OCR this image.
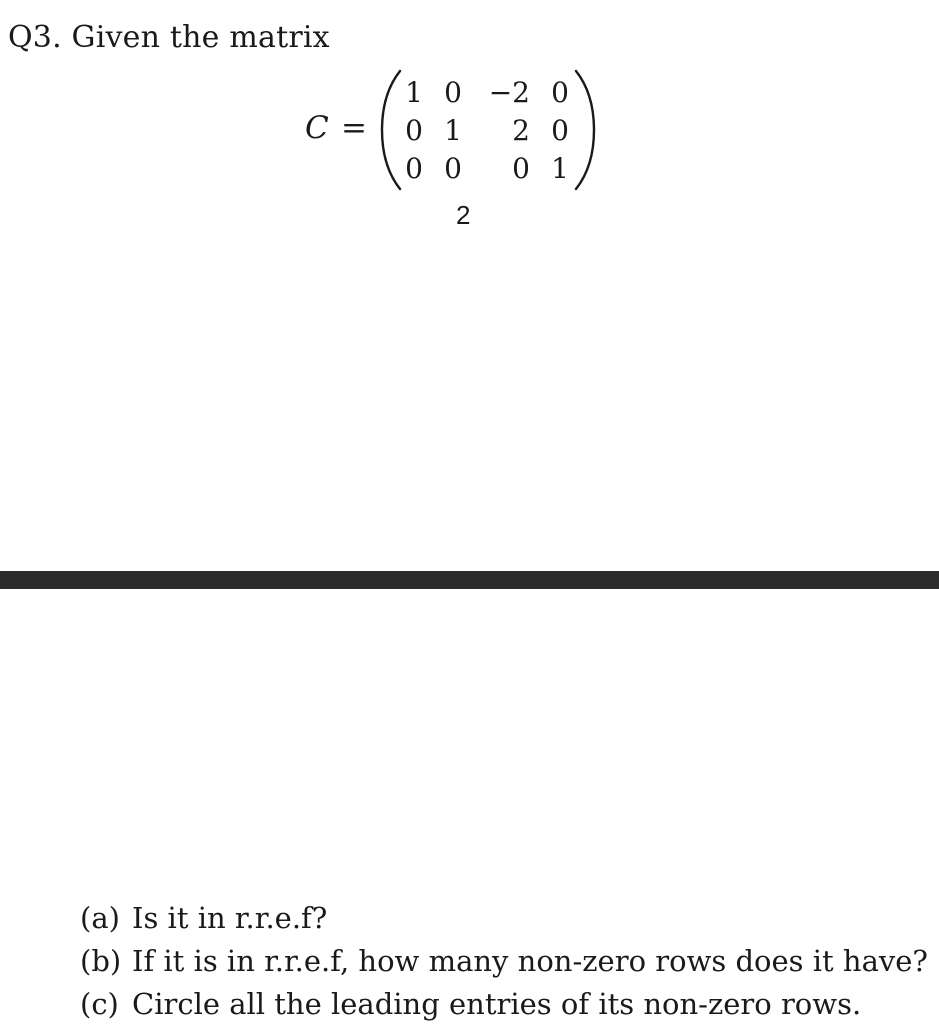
Q3. Given the matrix
C =
1 0 −2 0
0 1	2 0
0 0	0 1
2
(a) Is it in r.r.e.f?
(b) If it is in r.r.e.f, how many non-zero rows does it have?
(c) Circle all the leading entries of its non-zero rows.
